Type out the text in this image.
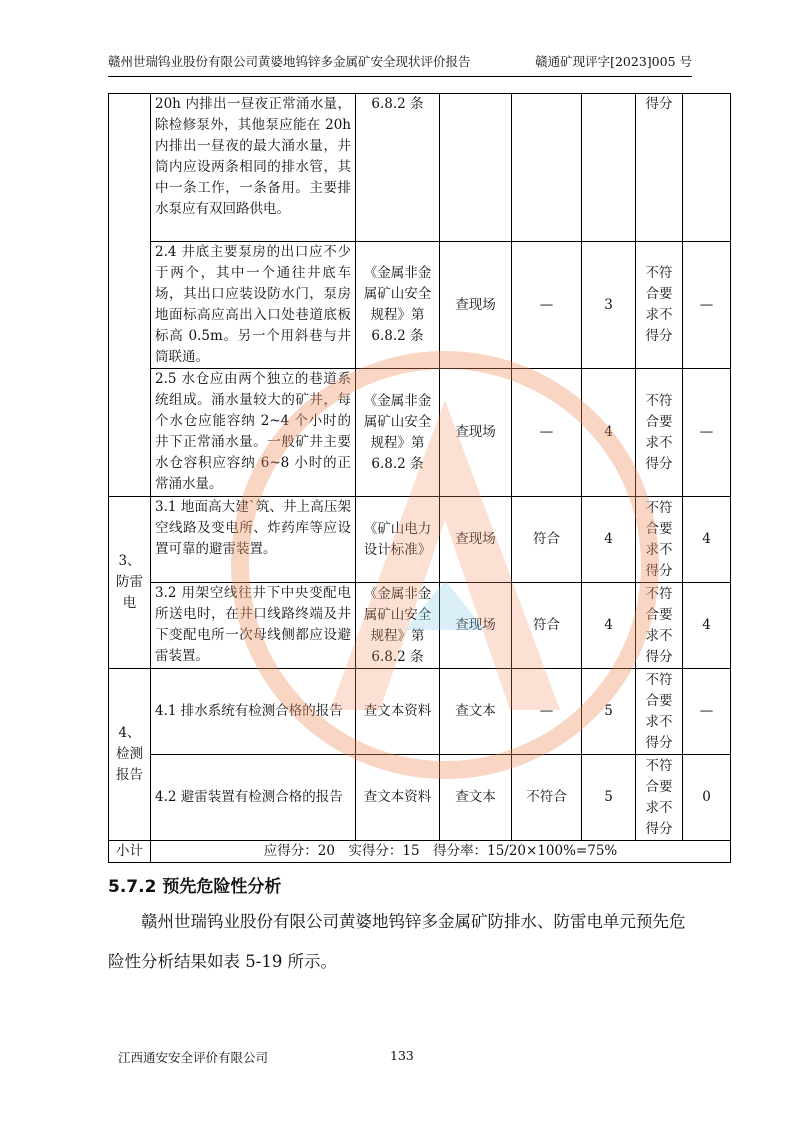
赣州世瑞钨业股份有限公司黄婆地钨锌多金属矿安全现状评价报告	赣通矿现评字[2023]005 号
	20h 内排出一昼夜正常涌水量，除检修泵外，其他泵应能在 20h 内排出一昼夜的最大涌水量，井筒内应设两条相同的排水管，其中一条工作，一条备用。主要排水泵应有双回路供电。	6.8.2 条				得分	
	2.4 井底主要泵房的出口应不少于两个，其中一个通往井底车场，其出口应装设防水门，泵房地面标高应高出入口处巷道底板标高 0.5m。另一个用斜巷与井筒联通。	《金属非金属矿山安全规程》第 6.8.2 条	查现场	—	3	不符合要求不得分	—
	2.5 水仓应由两个独立的巷道系统组成。涌水量较大的矿井，每个水仓应能容纳 2~4 个小时的井下正常涌水量。一般矿井主要水仓容积应容纳 6~8 小时的正常涌水量。	《金属非金属矿山安全规程》第 6.8.2 条	查现场	—	4	不符合要求不得分	—
3、防雷电	3.1 地面高大建`筑、井上高压架空线路及变电所、炸药库等应设置可靠的避雷装置。	《矿山电力设计标准》	查现场	符合	4	不符合要求不得分	4
	3.2 用架空线往井下中央变配电所送电时，在井口线路终端及井下变配电所一次母线侧都应设避雷装置。	《金属非金属矿山安全规程》第 6.8.2 条	查现场	符合	4	不符合要求不得分	4
4、检测报告	4.1 排水系统有检测合格的报告	查文本资料	查文本	—	5	不符合要求不得分	—
	4.2 避雷装置有检测合格的报告	查文本资料	查文本	不符合	5	不符合要求不得分	0
小计	应得分：20　实得分：15　得分率：15/20×100%=75%						
5.7.2 预先危险性分析
赣州世瑞钨业股份有限公司黄婆地钨锌多金属矿防排水、防雷电单元预先危险性分析结果如表 5-19 所示。
江西通安安全评价有限公司	133
